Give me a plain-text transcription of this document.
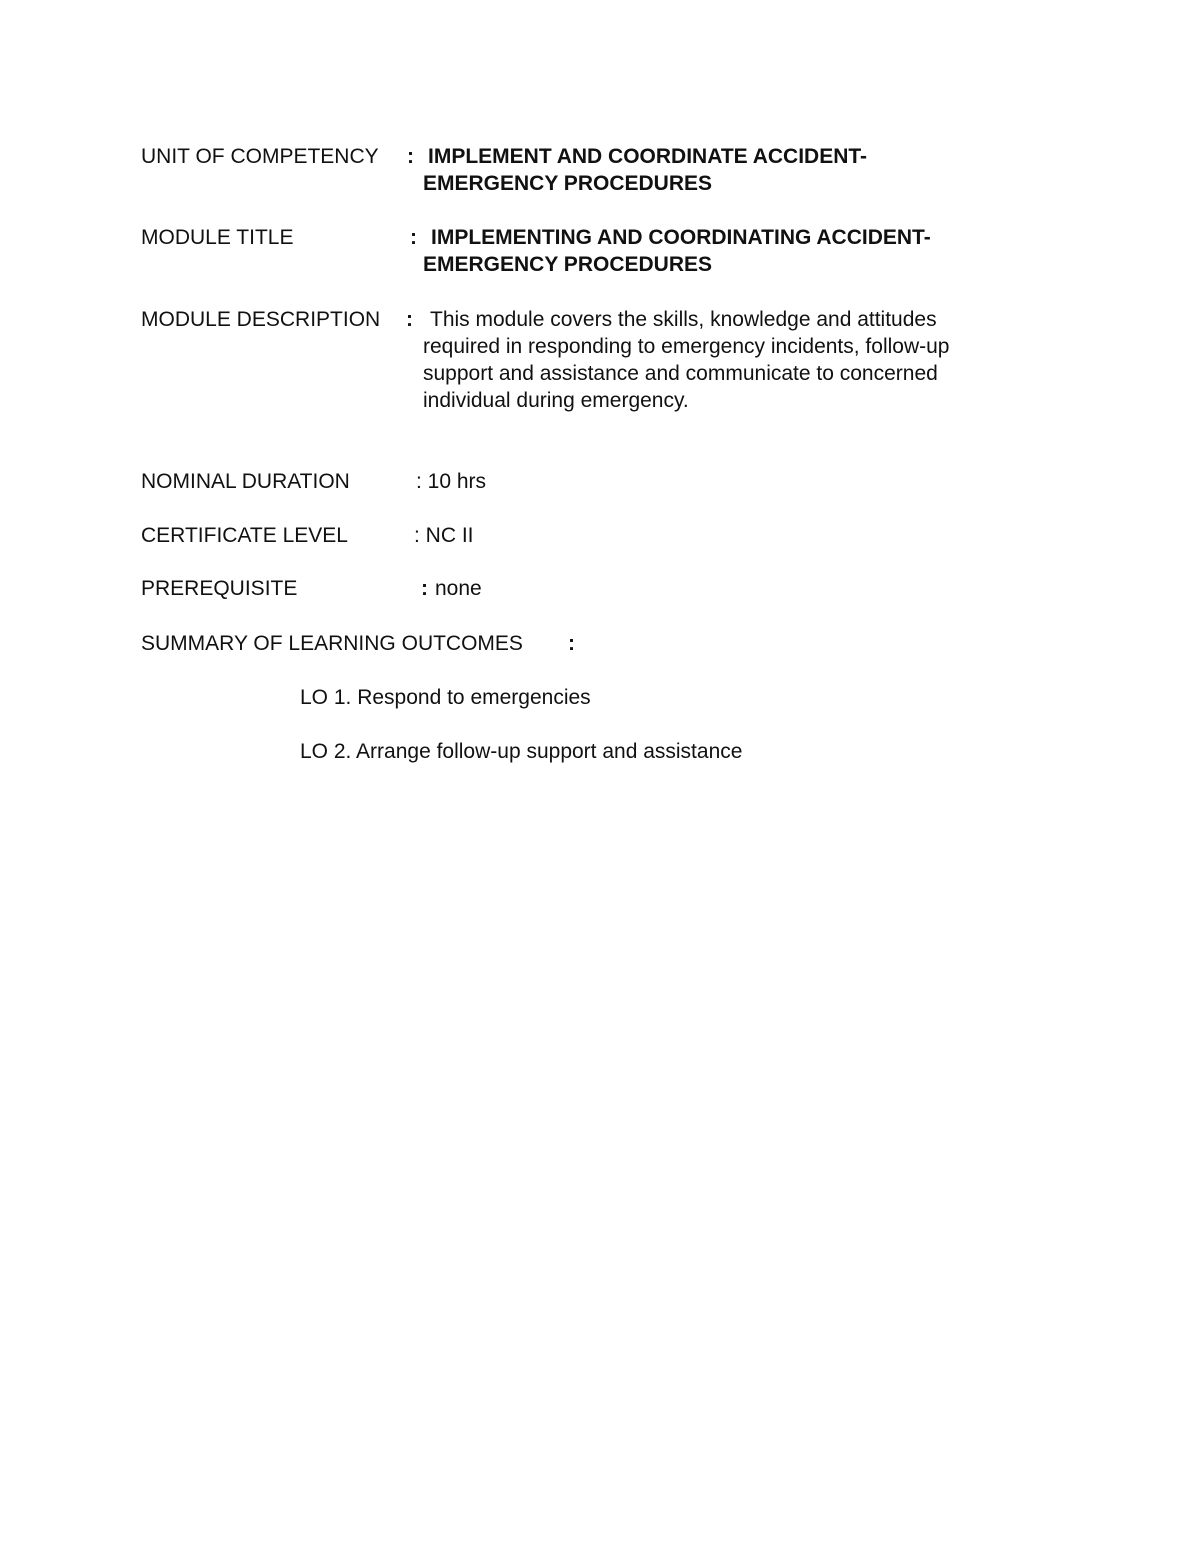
UNIT OF COMPETENCY : IMPLEMENT AND COORDINATE ACCIDENT-
EMERGENCY PROCEDURES
MODULE TITLE	: IMPLEMENTING AND COORDINATING ACCIDENT-
EMERGENCY PROCEDURES
MODULE DESCRIPTION : This module covers the skills, knowledge and attitudes
required in responding to emergency incidents, follow-up
support and assistance and communicate to concerned
individual during emergency.
NOMINAL DURATION	: 10 hrs
CERTIFICATE LEVEL	: NC II
PREREQUISITE	: none
SUMMARY OF LEARNING OUTCOMES :
LO 1. Respond to emergencies
LO 2. Arrange follow-up support and assistance
